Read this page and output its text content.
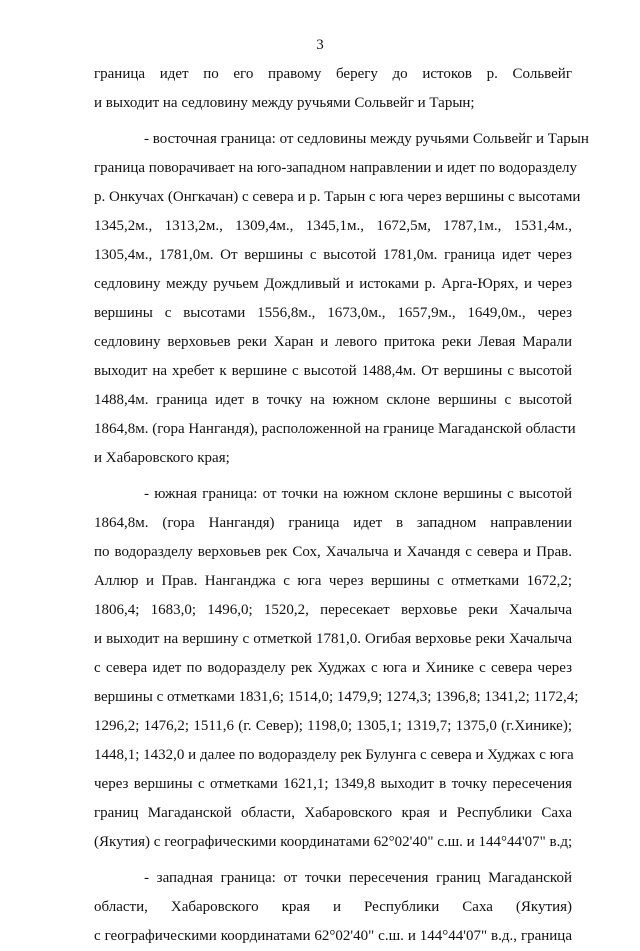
3
граница идет по его правому берегу до истоков р. Сольвейг
и выходит на седловину между ручьями Сольвейг и Тарын;
- восточная граница: от седловины между ручьями Сольвейг и Тарын
граница поворачивает на юго-западном направлении и идет по водоразделу
р. Онкучах (Онгкачан) с севера и р. Тарын с юга через вершины с высотами
1345,2м., 1313,2м., 1309,4м., 1345,1м., 1672,5м, 1787,1м., 1531,4м.,
1305,4м., 1781,0м. От вершины с высотой 1781,0м. граница идет через
седловину между ручьем Дождливый и истоками р. Арга-Юрях, и через
вершины с высотами 1556,8м., 1673,0м., 1657,9м., 1649,0м., через
седловину верховьев реки Харан и левого притока реки Левая Марали
выходит на хребет к вершине с высотой 1488,4м. От вершины с высотой
1488,4м. граница идет в точку на южном склоне вершины с высотой
1864,8м. (гора Нангандя), расположенной на границе Магаданской области
и Хабаровского края;
- южная граница: от точки на южном склоне вершины с высотой
1864,8м. (гора Нангандя) граница идет в западном направлении
по водоразделу верховьев рек Сох, Хачалыча и Хачандя с севера и Прав.
Аллюр и Прав. Нанганджа с юга через вершины с отметками 1672,2;
1806,4; 1683,0; 1496,0; 1520,2, пересекает верховье реки Хачалыча
и выходит на вершину с отметкой 1781,0. Огибая верховье реки Хачалыча
с севера идет по водоразделу рек Худжах с юга и Хинике с севера через
вершины с отметками 1831,6; 1514,0; 1479,9; 1274,3; 1396,8; 1341,2; 1172,4;
1296,2; 1476,2; 1511,6 (г. Север); 1198,0; 1305,1; 1319,7; 1375,0 (г.Хинике);
1448,1; 1432,0 и далее по водоразделу рек Булунга с севера и Худжах с юга
через вершины с отметками 1621,1; 1349,8 выходит в точку пересечения
границ Магаданской области, Хабаровского края и Республики Саха
(Якутия) с географическими координатами 62°02'40" с.ш. и 144°44'07" в.д;
- западная граница: от точки пересечения границ Магаданской
области, Хабаровского края и Республики Саха (Якутия)
с географическими координатами 62°02'40" с.ш. и 144°44'07" в.д., граница
